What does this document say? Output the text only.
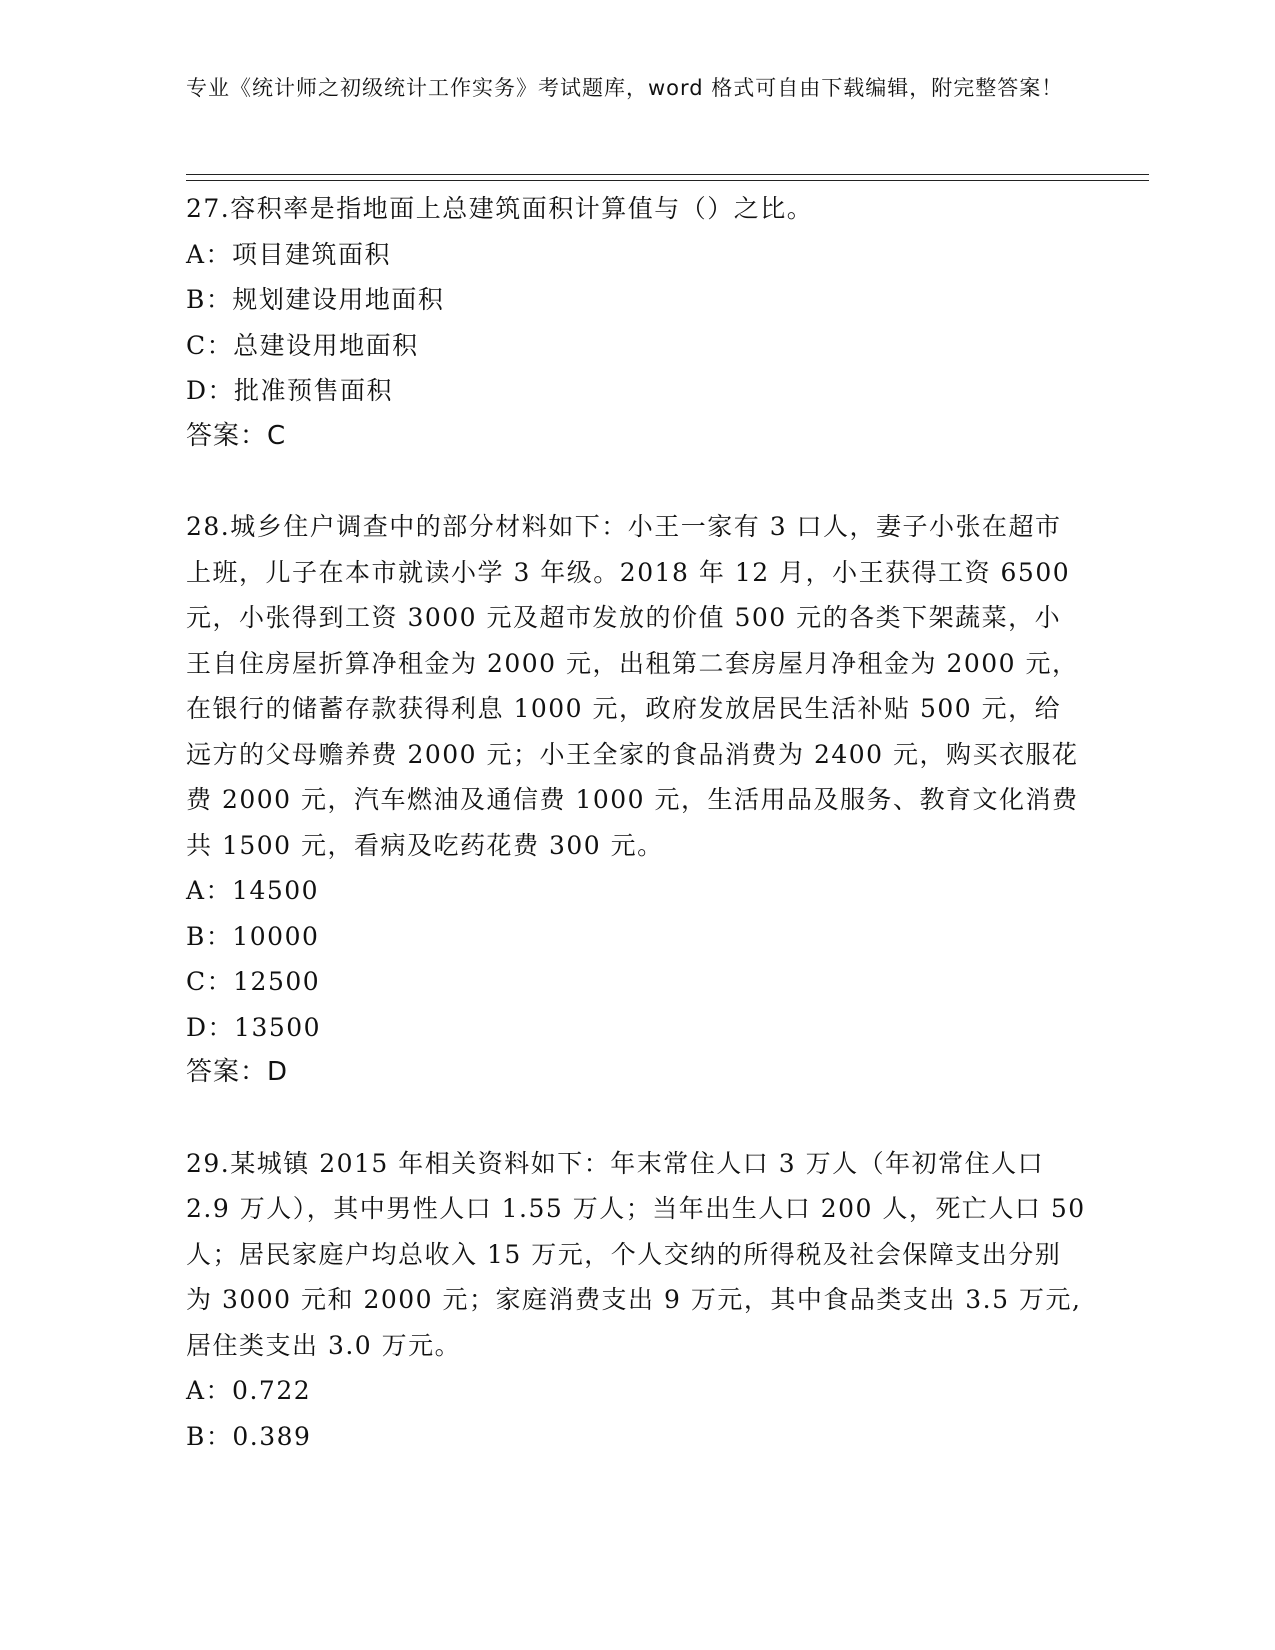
专业《统计师之初级统计工作实务》考试题库，word 格式可自由下载编辑，附完整答案！

27.容积率是指地面上总建筑面积计算值与（）之比。

A：项目建筑面积

B：规划建设用地面积

C：总建设用地面积

D：批准预售面积

答案：C

28.城乡住户调查中的部分材料如下：小王一家有 3 口人，妻子小张在超市上班，儿子在本市就读小学 3 年级。2018 年 12 月，小王获得工资 6500 元，小张得到工资 3000 元及超市发放的价值 500 元的各类下架蔬菜，小王自住房屋折算净租金为 2000 元，出租第二套房屋月净租金为 2000 元，在银行的储蓄存款获得利息 1000 元，政府发放居民生活补贴 500 元，给远方的父母赡养费 2000 元；小王全家的食品消费为 2400 元，购买衣服花费 2000 元，汽车燃油及通信费 1000 元，生活用品及服务、教育文化消费共 1500 元，看病及吃药花费 300 元。

A：14500

B：10000

C：12500

D：13500

答案：D

29.某城镇 2015 年相关资料如下：年末常住人口 3 万人（年初常住人口 2.9 万人），其中男性人口 1.55 万人；当年出生人口 200 人，死亡人口 50 人；居民家庭户均总收入 15 万元，个人交纳的所得税及社会保障支出分别为 3000 元和 2000 元；家庭消费支出 9 万元，其中食品类支出 3.5 万元,居住类支出 3.0 万元。

A：0.722

B：0.389
